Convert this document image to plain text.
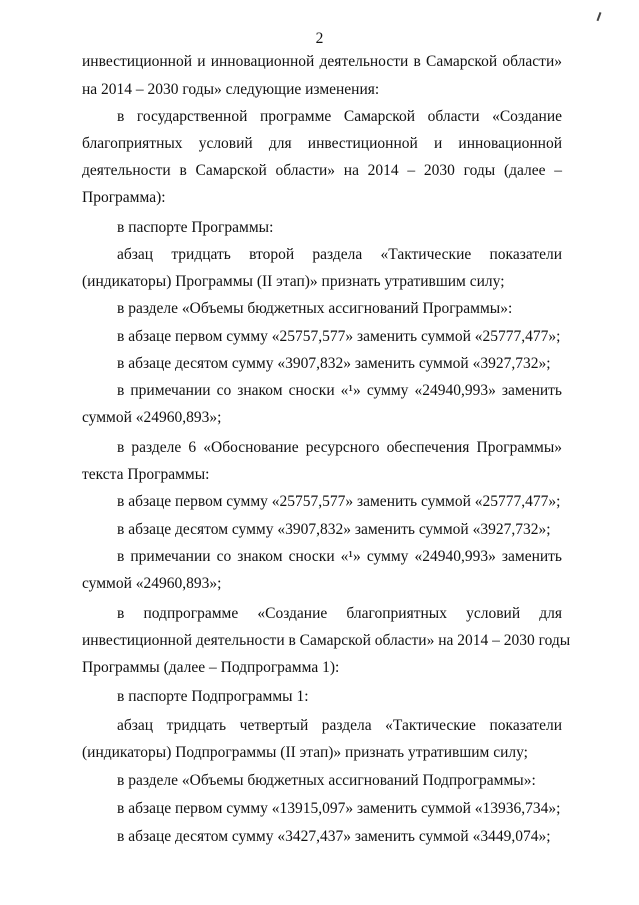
2
инвестиционной и инновационной деятельности в Самарской области»
на 2014 – 2030 годы» следующие изменения:
в государственной программе Самарской области «Создание
благоприятных условий для инвестиционной и инновационной
деятельности в Самарской области» на 2014 – 2030 годы (далее –
Программа):
в паспорте Программы:
абзац тридцать второй раздела «Тактические показатели
(индикаторы) Программы (II этап)» признать утратившим силу;
в разделе «Объемы бюджетных ассигнований Программы»:
в абзаце первом сумму «25757,577» заменить суммой «25777,477»;
в абзаце десятом сумму «3907,832» заменить суммой «3927,732»;
в примечании со знаком сноски «¹» сумму «24940,993» заменить
суммой «24960,893»;
в разделе 6 «Обоснование ресурсного обеспечения Программы»
текста Программы:
в абзаце первом сумму «25757,577» заменить суммой «25777,477»;
в абзаце десятом сумму «3907,832» заменить суммой «3927,732»;
в примечании со знаком сноски «¹» сумму «24940,993» заменить
суммой «24960,893»;
в подпрограмме «Создание благоприятных условий для
инвестиционной деятельности в Самарской области» на 2014 – 2030 годы
Программы (далее – Подпрограмма 1):
в паспорте Подпрограммы 1:
абзац тридцать четвертый раздела «Тактические показатели
(индикаторы) Подпрограммы (II этап)» признать утратившим силу;
в разделе «Объемы бюджетных ассигнований Подпрограммы»:
в абзаце первом сумму «13915,097» заменить суммой «13936,734»;
в абзаце десятом сумму «3427,437» заменить суммой «3449,074»;
